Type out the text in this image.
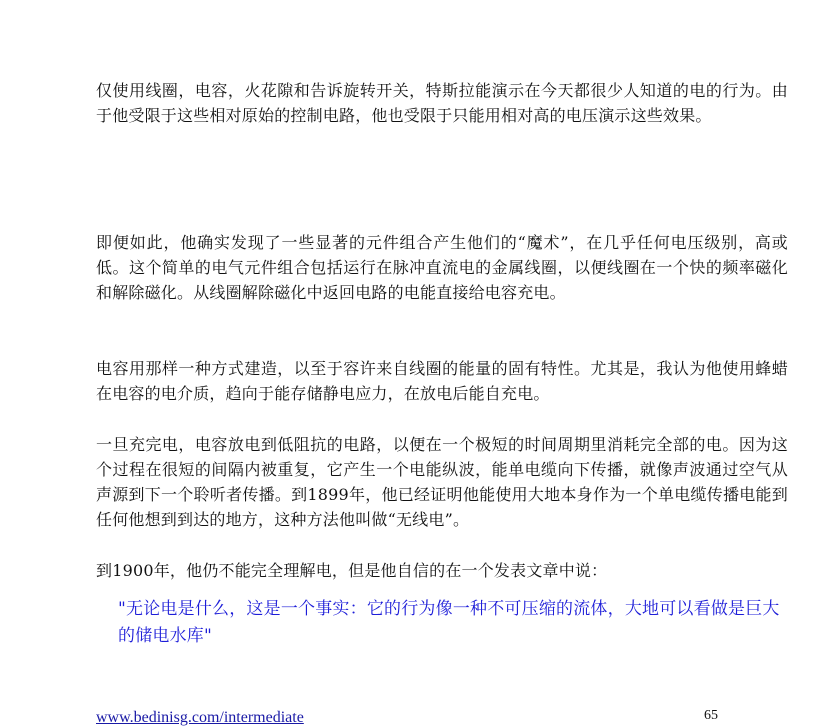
仅使用线圈，电容，火花隙和告诉旋转开关，特斯拉能演示在今天都很少人知道的电的行为。由于他受限于这些相对原始的控制电路，他也受限于只能用相对高的电压演示这些效果。

即便如此，他确实发现了一些显著的元件组合产生他们的“魔术”，在几乎任何电压级别，高或低。这个简单的电气元件组合包括运行在脉冲直流电的金属线圈，以便线圈在一个快的频率磁化和解除磁化。从线圈解除磁化中返回电路的电能直接给电容充电。

电容用那样一种方式建造，以至于容许来自线圈的能量的固有特性。尤其是，我认为他使用蜂蜡在电容的电介质，趋向于能存储静电应力，在放电后能自充电。

一旦充完电，电容放电到低阻抗的电路，以便在一个极短的时间周期里消耗完全部的电。因为这个过程在很短的间隔内被重复，它产生一个电能纵波，能单电缆向下传播，就像声波通过空气从声源到下一个聆听者传播。到1899年，他已经证明他能使用大地本身作为一个单电缆传播电能到任何他想到到达的地方，这种方法他叫做“无线电”。

到1900年，他仍不能完全理解电，但是他自信的在一个发表文章中说：

"无论电是什么，这是一个事实：它的行为像一种不可压缩的流体，大地可以看做是巨大的储电水库"

www.bedinisg.com/intermediate	65
